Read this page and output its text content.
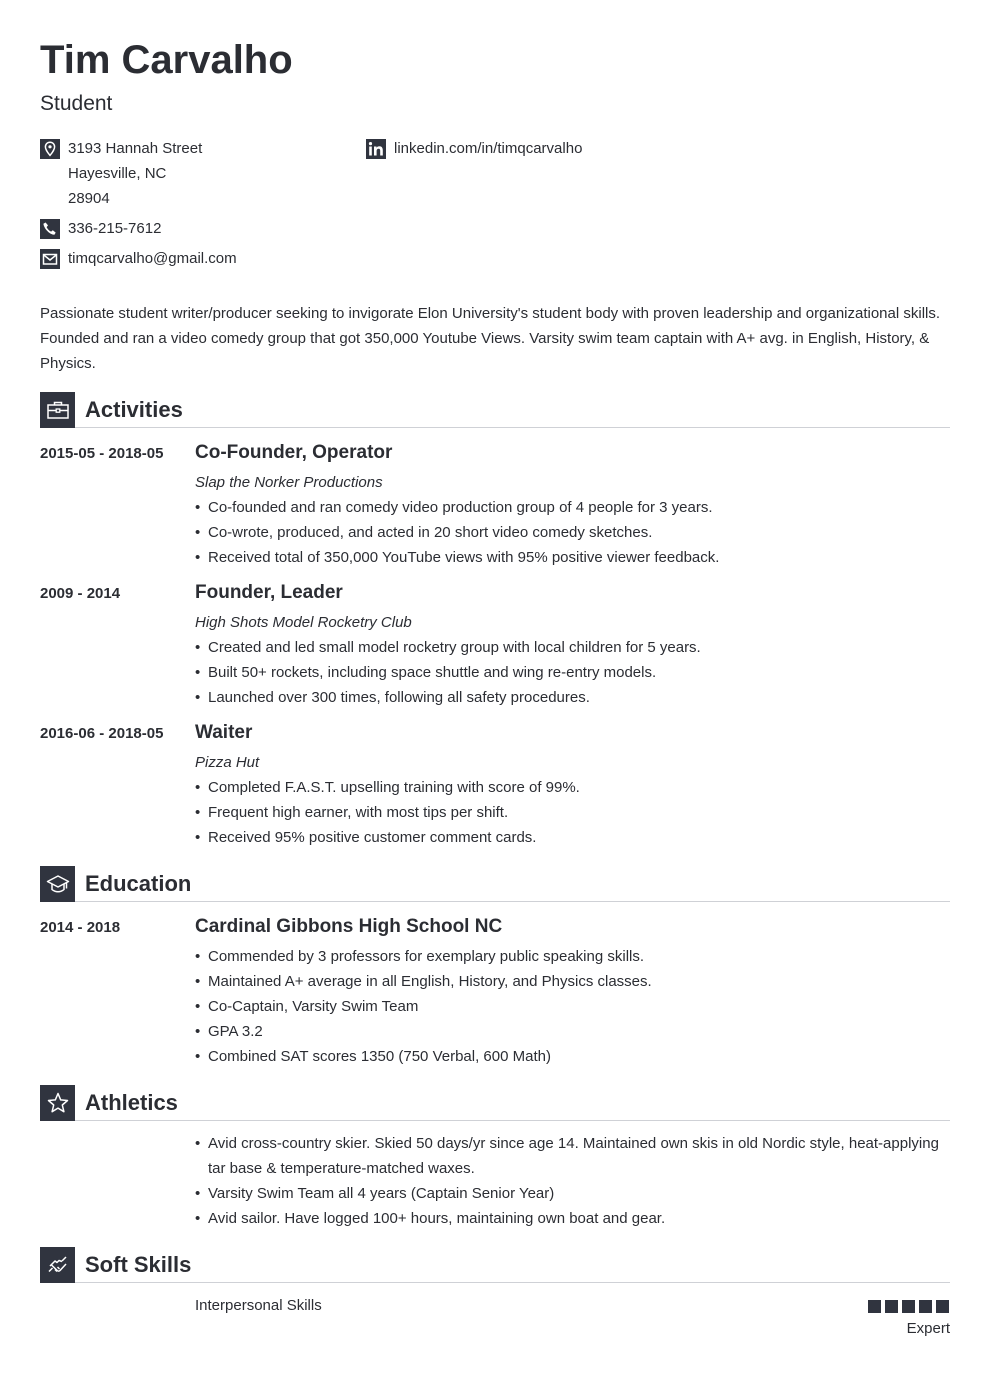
Tim Carvalho
Student
3193 Hannah Street
Hayesville, NC
28904
linkedin.com/in/timqcarvalho
336-215-7612
timqcarvalho@gmail.com

Passionate student writer/producer seeking to invigorate Elon University's student body with proven leadership and organizational skills. Founded and ran a video comedy group that got 350,000 Youtube Views. Varsity swim team captain with A+ avg. in English, History, & Physics.

Activities
2015-05 - 2018-05 Co-Founder, Operator
Slap the Norker Productions
• Co-founded and ran comedy video production group of 4 people for 3 years.
• Co-wrote, produced, and acted in 20 short video comedy sketches.
• Received total of 350,000 YouTube views with 95% positive viewer feedback.
2009 - 2014	Founder, Leader
High Shots Model Rocketry Club
• Created and led small model rocketry group with local children for 5 years.
• Built 50+ rockets, including space shuttle and wing re-entry models.
• Launched over 300 times, following all safety procedures.
2016-06 - 2018-05 Waiter
Pizza Hut
• Completed F.A.S.T. upselling training with score of 99%.
• Frequent high earner, with most tips per shift.
• Received 95% positive customer comment cards.
Education
2014 - 2018	Cardinal Gibbons High School NC
• Commended by 3 professors for exemplary public speaking skills.
• Maintained A+ average in all English, History, and Physics classes.
• Co-Captain, Varsity Swim Team
• GPA 3.2
• Combined SAT scores 1350 (750 Verbal, 600 Math)
Athletics
• Avid cross-country skier. Skied 50 days/yr since age 14. Maintained own skis in old Nordic style, heat-applying tar base & temperature-matched waxes.
• Varsity Swim Team all 4 years (Captain Senior Year)
• Avid sailor. Have logged 100+ hours, maintaining own boat and gear.
Soft Skills
Interpersonal Skills
Expert
